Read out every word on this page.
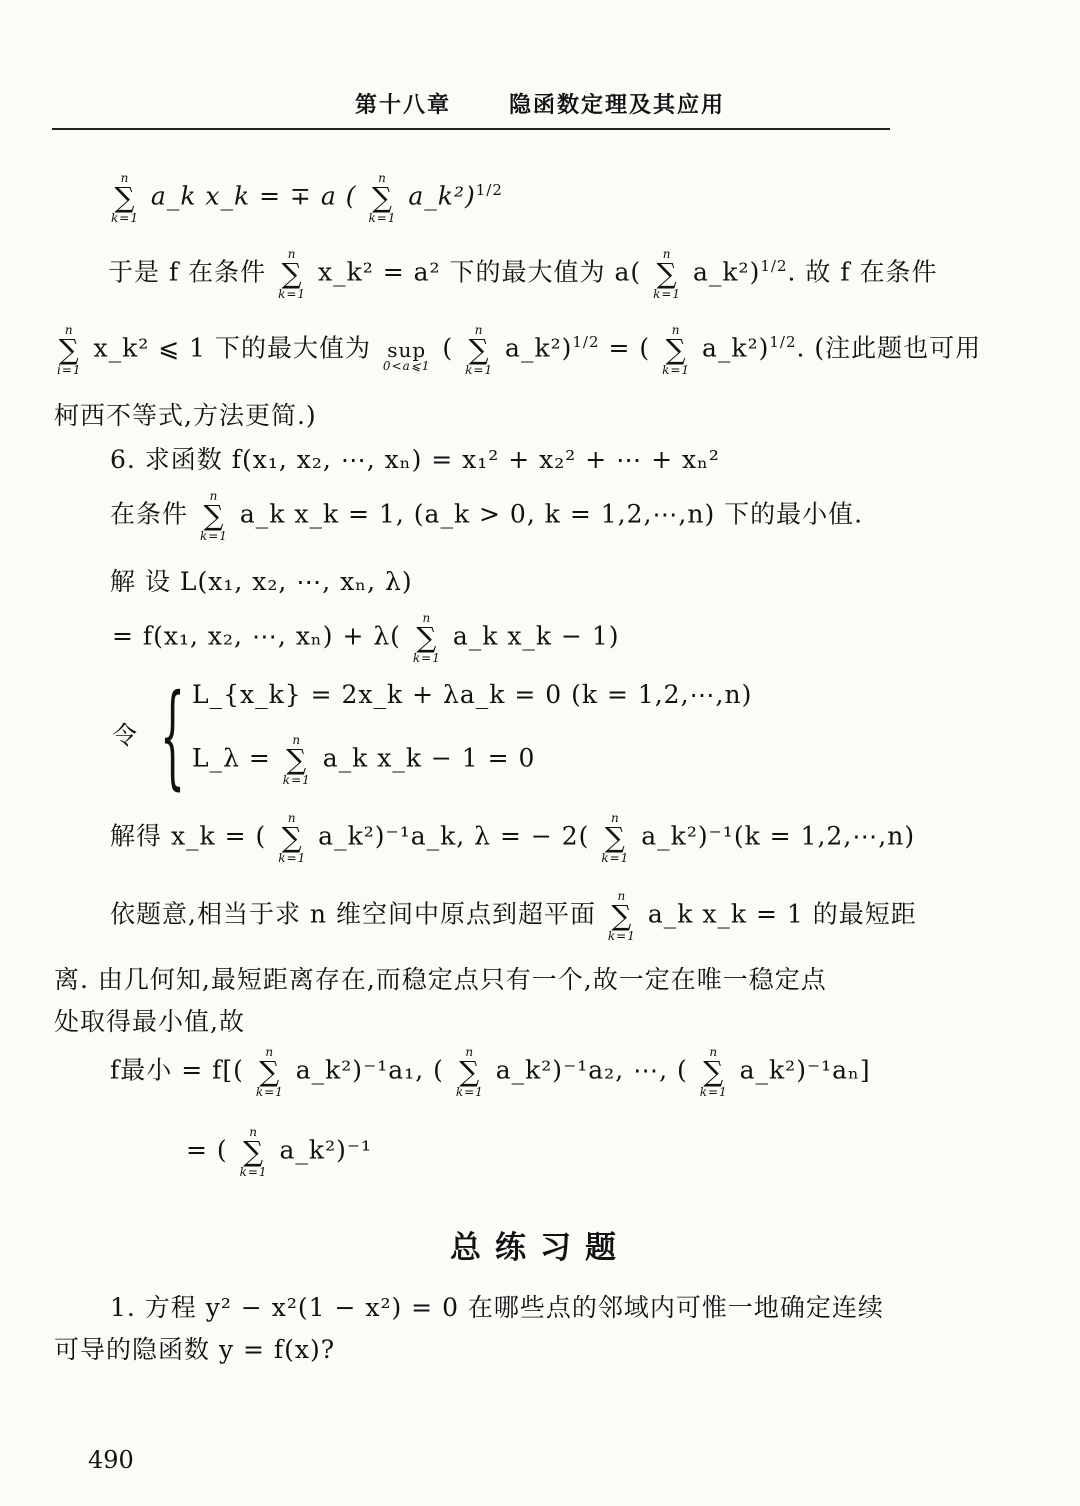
第十八章	隐函数定理及其应用
n
∑
k=1
a_k x_k = ∓ a (
n
∑
k=1
a_k²)$^{1/2}$
于是 f 在条件
n
∑
k=1
x_k² = a² 下的最大值为 a(
n
∑
k=1
a_k²)$^{1/2}$. 故 f 在条件
n
∑
i=1
x_k² ⩽ 1 下的最大值为
sup
0<a⩽1
(
n
∑
k=1
a_k²)$^{1/2}$ = (
n
∑
k=1
a_k²)$^{1/2}$. (注此题也可用
柯西不等式,方法更简.)
6. 求函数 f(x₁, x₂, ⋯, xₙ) = x₁² + x₂² + ⋯ + xₙ²
在条件
n
∑
k=1
a_k x_k = 1, (a_k > 0, k = 1,2,⋯,n) 下的最小值.
解 设 L(x₁, x₂, ⋯, xₙ, λ)
= f(x₁, x₂, ⋯, xₙ) + λ(
n
∑
k=1
a_k x_k − 1)
令 { L_{x_k} = 2x_k + λa_k = 0 (k = 1,2,⋯,n)
L_λ =
n
∑
k=1
a_k x_k − 1 = 0
解得 x_k = (
n
∑
k=1
a_k²)⁻¹a_k, λ = − 2(
n
∑
k=1
a_k²)⁻¹(k = 1,2,⋯,n)
依题意,相当于求 n 维空间中原点到超平面
n
∑
k=1
a_k x_k = 1 的最短距
离. 由几何知,最短距离存在,而稳定点只有一个,故一定在唯一稳定点
处取得最小值,故
f最小 = f[(
n
∑
k=1
a_k²)⁻¹a₁, (
n
∑
k=1
a_k²)⁻¹a₂, ⋯, (
n
∑
k=1
a_k²)⁻¹aₙ]
= (
n
∑
k=1
a_k²)⁻¹
总练习题
1. 方程 y² − x²(1 − x²) = 0 在哪些点的邻域内可惟一地确定连续
可导的隐函数 y = f(x)?
490
